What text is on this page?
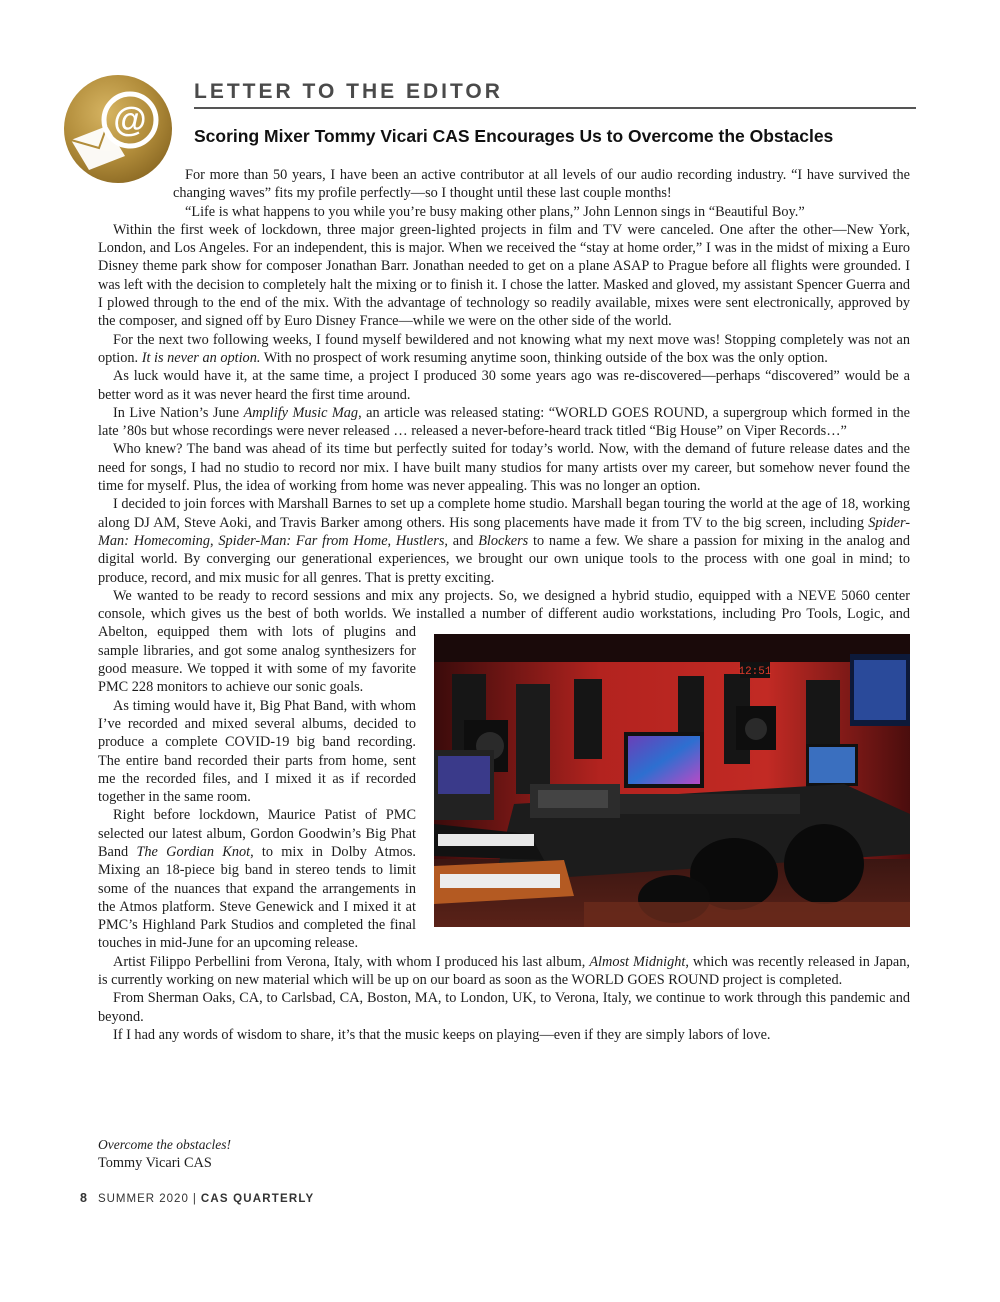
@
LETTER TO THE EDITOR
Scoring Mixer Tommy Vicari CAS Encourages Us to Overcome the Obstacles
12:51

For more than 50 years, I have been an active contributor at all levels of our audio recording industry. “I have survived the changing waves” fits my profile perfectly—so I thought until these last couple months!

“Life is what happens to you while you’re busy making other plans,” John Lennon sings in “Beautiful Boy.”

Within the first week of lockdown, three major green-lighted projects in film and TV were canceled. One after the other—New York, London, and Los Angeles. For an independent, this is major. When we received the “stay at home order,” I was in the midst of mixing a Euro Disney theme park show for composer Jonathan Barr. Jonathan needed to get on a plane ASAP to Prague before all flights were grounded. I was left with the decision to completely halt the mixing or to finish it. I chose the latter. Masked and gloved, my assistant Spencer Guerra and I plowed through to the end of the mix. With the advantage of technology so readily available, mixes were sent electronically, approved by the composer, and signed off by Euro Disney France—while we were on the other side of the world.

For the next two following weeks, I found myself bewildered and not knowing what my next move was! Stopping completely was not an option. It is never an option. With no prospect of work resuming anytime soon, thinking outside of the box was the only option.

As luck would have it, at the same time, a project I produced 30 some years ago was re-discovered—perhaps “discovered” would be a better word as it was never heard the first time around.

In Live Nation’s June Amplify Music Mag, an article was released stating: “WORLD GOES ROUND, a supergroup which formed in the late ’80s but whose recordings were never released … released a never-before-heard track titled “Big House” on Viper Records…”

Who knew? The band was ahead of its time but perfectly suited for today’s world. Now, with the demand of future release dates and the need for songs, I had no studio to record nor mix. I have built many studios for many artists over my career, but somehow never found the time for myself. Plus, the idea of working from home was never appealing. This was no longer an option.

I decided to join forces with Marshall Barnes to set up a complete home studio. Marshall began touring the world at the age of 18, working along DJ AM, Steve Aoki, and Travis Barker among others. His song placements have made it from TV to the big screen, including Spider-Man: Homecoming, Spider-Man: Far from Home, Hustlers, and Blockers to name a few. We share a passion for mixing in the analog and digital world. By converging our generational experiences, we brought our own unique tools to the process with one goal in mind; to produce, record, and mix music for all genres. That is pretty exciting.

We wanted to be ready to record sessions and mix any projects. So, we designed a hybrid studio, equipped with a NEVE 5060 center console, which gives us the best of both worlds. We installed a number of different audio workstations, including Pro Tools, Logic, and Abelton, equipped them with lots of plugins and sample libraries, and got some analog synthesizers for good measure. We topped it with some of my favorite PMC 228 monitors to achieve our sonic goals.

As timing would have it, Big Phat Band, with whom I’ve recorded and mixed several albums, decided to produce a complete COVID-19 big band recording. The entire band recorded their parts from home, sent me the recorded files, and I mixed it as if recorded together in the same room.

Right before lockdown, Maurice Patist of PMC selected our latest album, Gordon Goodwin’s Big Phat Band The Gordian Knot, to mix in Dolby Atmos. Mixing an 18-piece big band in stereo tends to limit some of the nuances that expand the arrangements in the Atmos platform. Steve Genewick and I mixed it at PMC’s Highland Park Studios and completed the final touches in mid-June for an upcoming release.

Artist Filippo Perbellini from Verona, Italy, with whom I produced his last album, Almost Midnight, which was recently released in Japan, is currently working on new material which will be up on our board as soon as the WORLD GOES ROUND project is completed.

From Sherman Oaks, CA, to Carlsbad, CA, Boston, MA, to London, UK, to Verona, Italy, we continue to work through this pandemic and beyond.

If I had any words of wisdom to share, it’s that the music keeps on playing—even if they are simply labors of love.

Overcome the obstacles!
Tommy Vicari CAS
8 SUMMER 2020 | CAS QUARTERLY
